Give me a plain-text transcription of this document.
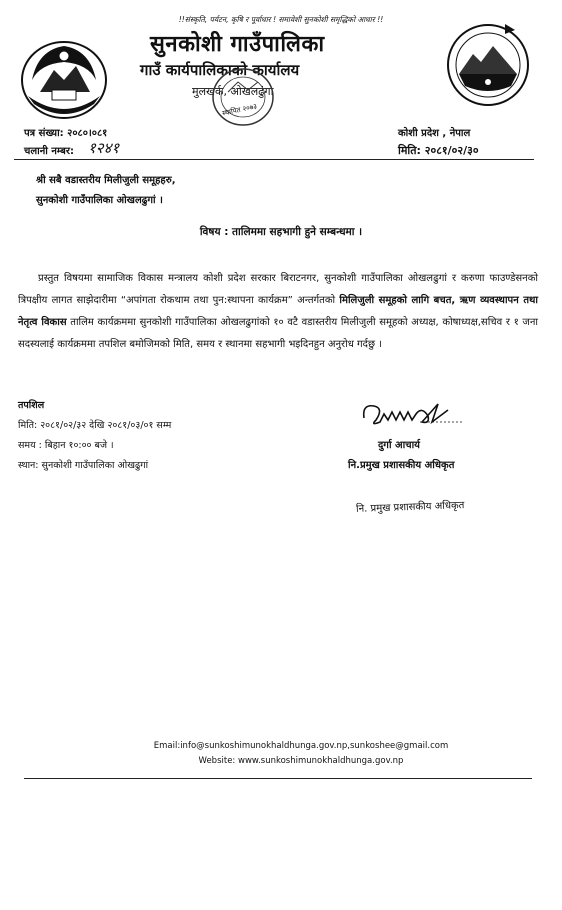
!!संस्कृति, पर्यटन, कृषि र पूर्वाधार ! समावेशी सुनकोशी समृद्धिको आधार !!
सुनकोशी गाउँपालिका
गाउँ कार्यपालिकाको कार्यालय
मुलखर्क, ओखलढुंगा
स्थापित २०७३
पत्र संख्या: २०८०।०८१
चलानी नम्बर: १२४१
कोशी प्रदेश , नेपाल
मिति: २०८१/०२/३०
श्री सबै वडास्तरीय मिलीजुली समूहहरु,
सुनकोशी गाउँपालिका ओखलढुगां ।
विषय : तालिममा सहभागी हुने सम्बन्धमा ।
प्रस्तुत विषयमा सामाजिक विकास मन्त्रालय कोशी प्रदेश सरकार बिराटनगर, सुनकोशी गाउँपालिका ओखलढुगां र करुणा फाउण्डेसनको त्रिपक्षीय लागत साझेदारीमा “अपांगता रोकथाम तथा पुन:स्थापना कार्यक्रम” अन्तर्गतको मिलिजुली समूहको लागि बचत, ऋण व्यवस्थापन तथा नेतृत्व विकास तालिम कार्यक्रममा सुनकोशी गाउँपालिका ओखलढुगांको १० वटै वडास्तरीय मिलीजुली समूहको अध्यक्ष, कोषाध्यक्ष,सचिव र १ जना सदस्यलाई कार्यक्रममा तपशिल बमोजिमको मिति, समय र स्थानमा सहभागी भइदिनहुन अनुरोध गर्दछु ।
तपशिल
मिति: २०८१/०२/३२ देखि २०८१/०३/०१ सम्म
समय : बिहान १०:०० बजे ।
स्थान: सुनकोशी गाउँपालिका ओखढुगां
दुर्गा आचार्य
नि.प्रमुख प्रशासकीय अधिकृत
नि. प्रमुख प्रशासकीय अधिकृत
Email:info@sunkoshimunokhaldhunga.gov.np,sunkoshee@gmail.com
Website: www.sunkoshimunokhaldhunga.gov.np
